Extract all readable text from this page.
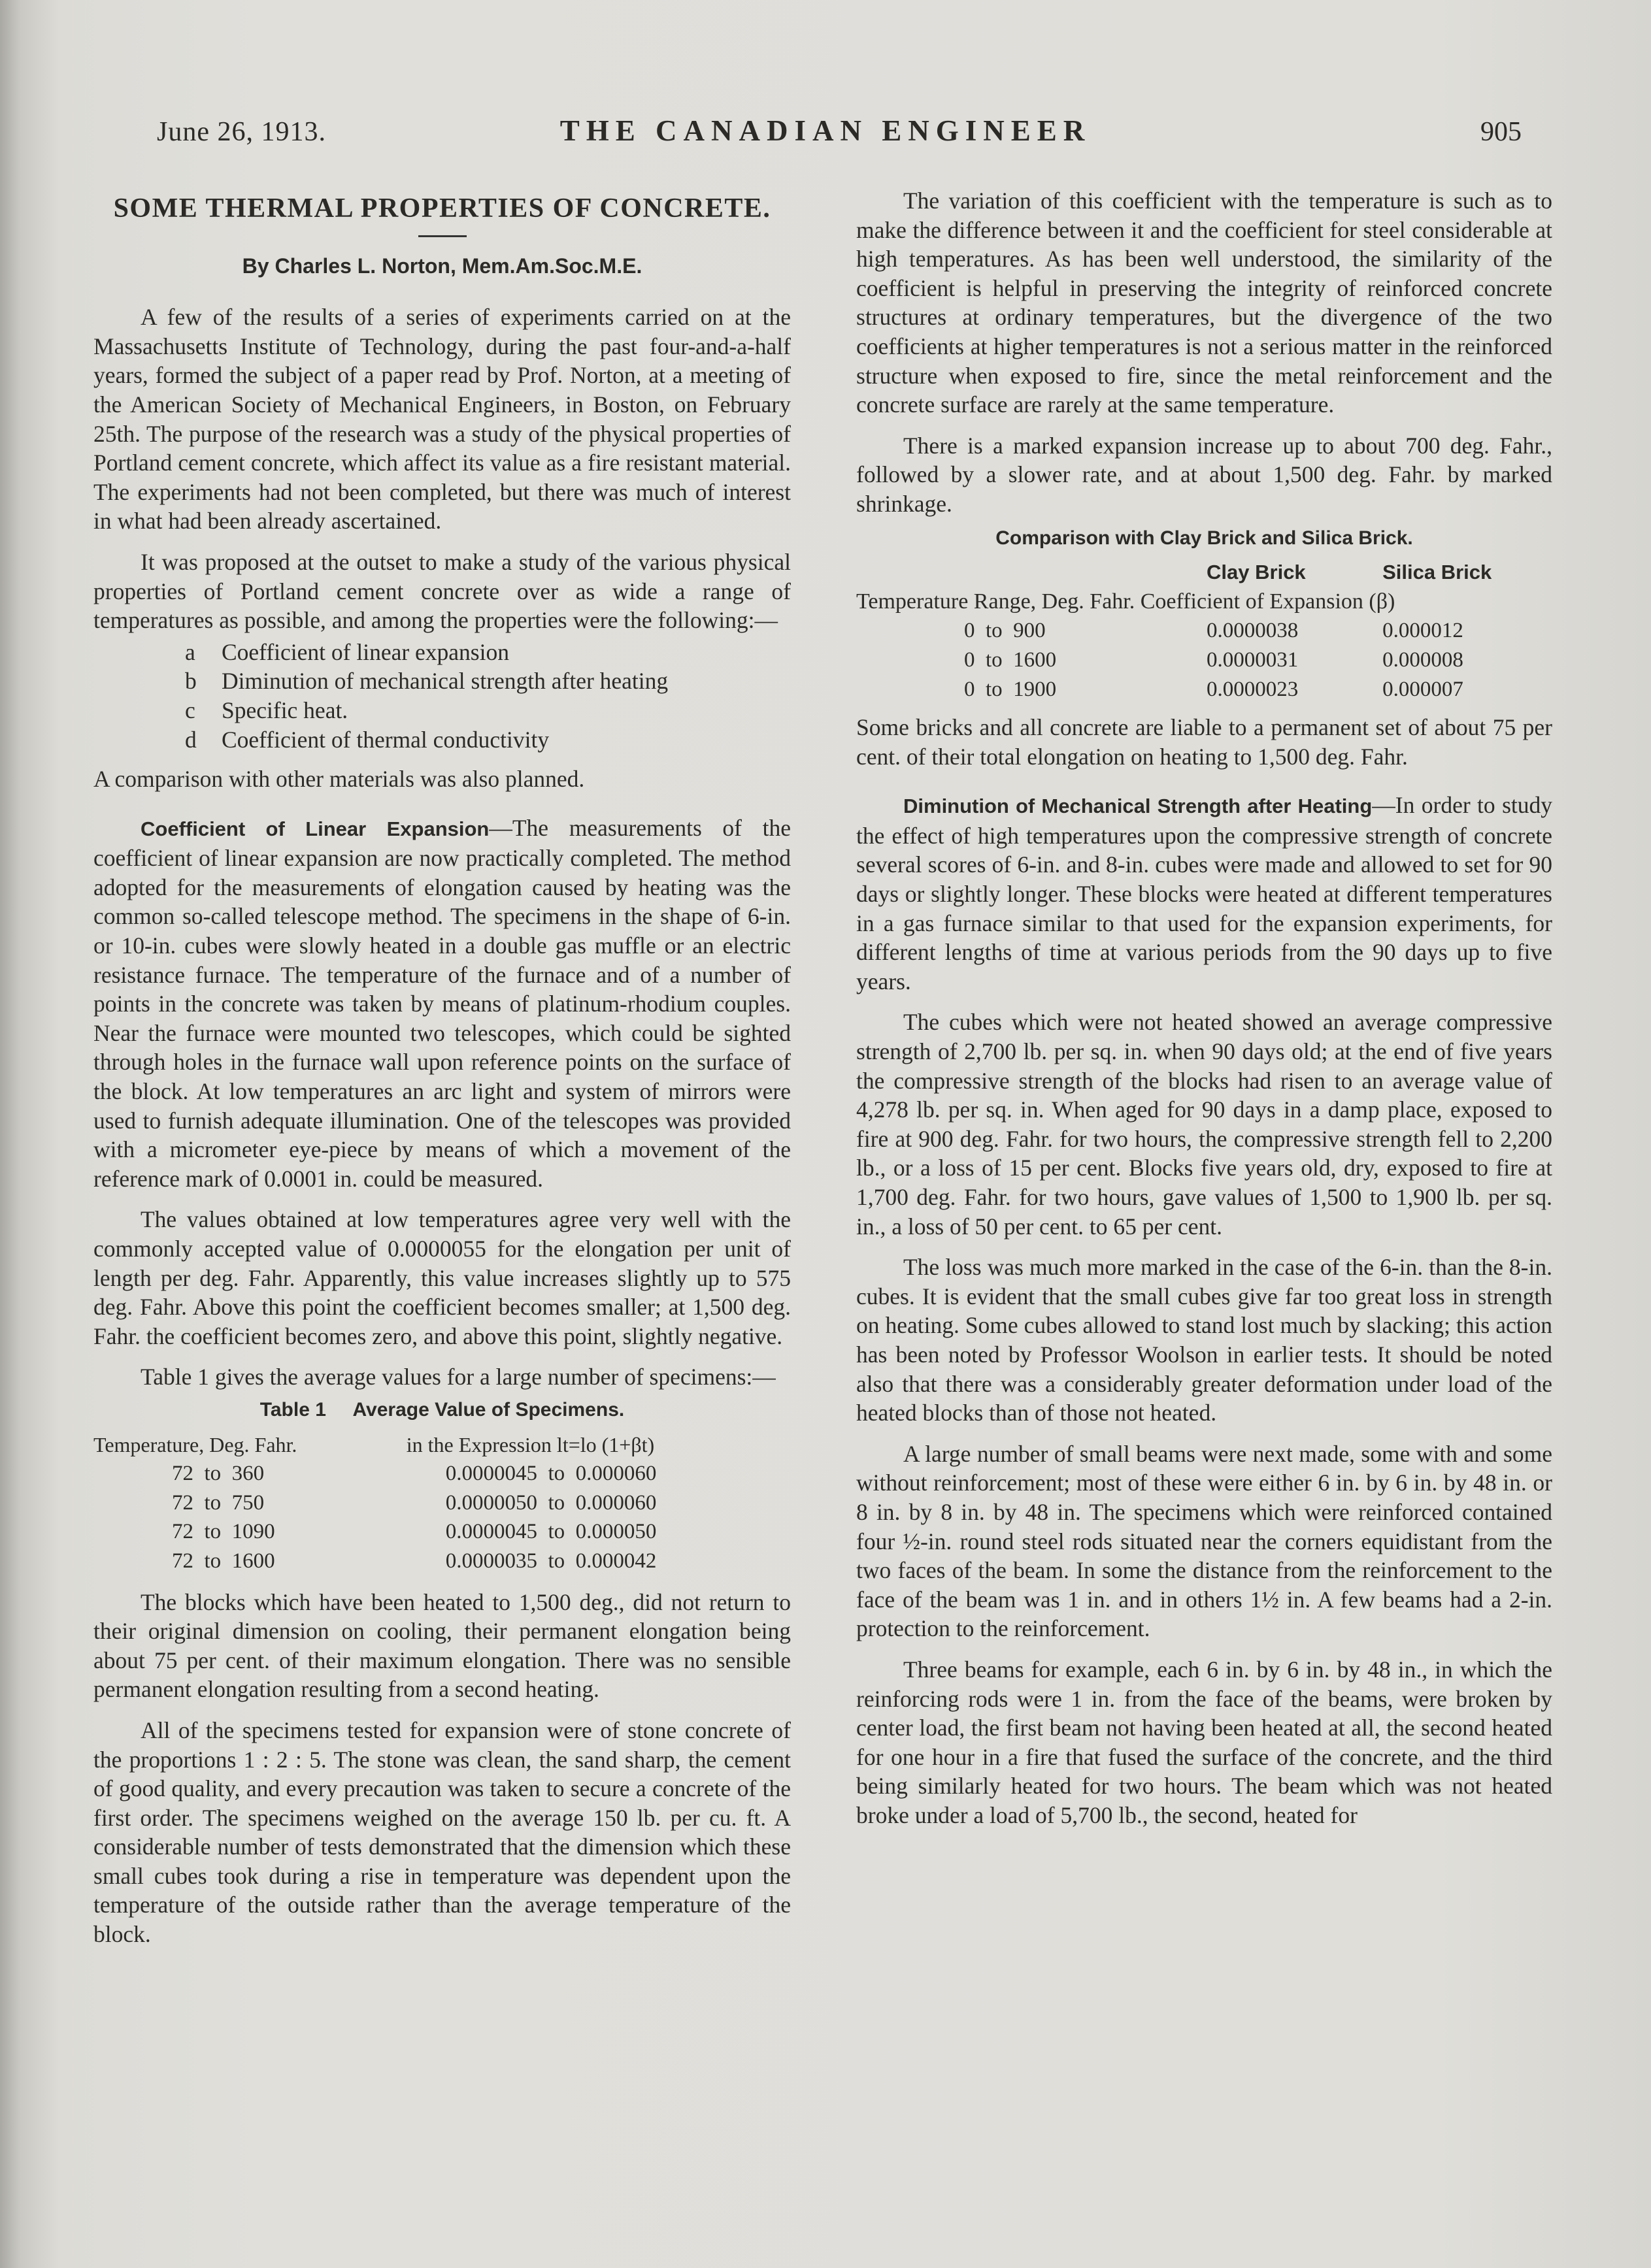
June 26, 1913.	THE CANADIAN ENGINEER	905
SOME THERMAL PROPERTIES OF CONCRETE.
By Charles L. Norton, Mem.Am.Soc.M.E.

A few of the results of a series of experiments carried on at the Massachusetts Institute of Technology, during the past four-and-a-half years, formed the subject of a paper read by Prof. Norton, at a meeting of the American Society of Mechanical Engineers, in Boston, on February 25th. The purpose of the research was a study of the physical properties of Portland cement concrete, which affect its value as a fire resistant material. The experiments had not been completed, but there was much of interest in what had been already ascertained.

It was proposed at the outset to make a study of the various physical properties of Portland cement concrete over as wide a range of temperatures as possible, and among the properties were the following:—

a Coefficient of linear expansion
b Diminution of mechanical strength after heating
c Specific heat.
d Coefficient of thermal conductivity

A comparison with other materials was also planned.

Coefficient of Linear Expansion—The measurements of the coefficient of linear expansion are now practically completed. The method adopted for the measurements of elongation caused by heating was the common so-called telescope method. The specimens in the shape of 6-in. or 10-in. cubes were slowly heated in a double gas muffle or an electric resistance furnace. The temperature of the furnace and of a number of points in the concrete was taken by means of platinum-rhodium couples. Near the furnace were mounted two telescopes, which could be sighted through holes in the furnace wall upon reference points on the surface of the block. At low temperatures an arc light and system of mirrors were used to furnish adequate illumination. One of the telescopes was provided with a micrometer eye-piece by means of which a movement of the reference mark of 0.0001 in. could be measured.

The values obtained at low temperatures agree very well with the commonly accepted value of 0.0000055 for the elongation per unit of length per deg. Fahr. Apparently, this value increases slightly up to 575 deg. Fahr. Above this point the coefficient becomes smaller; at 1,500 deg. Fahr. the coefficient becomes zero, and above this point, slightly negative.

Table 1 gives the average values for a large number of specimens:—

Table 1     Average Value of Specimens.
Temperature, Deg. Fahr.	in the Expression lt=lo (1+βt)
72  to  360	0.0000045  to  0.000060
72  to  750	0.0000050  to  0.000060
72  to  1090	0.0000045  to  0.000050
72  to  1600	0.0000035  to  0.000042

The blocks which have been heated to 1,500 deg., did not return to their original dimension on cooling, their permanent elongation being about 75 per cent. of their maximum elongation. There was no sensible permanent elongation resulting from a second heating.

All of the specimens tested for expansion were of stone concrete of the proportions 1 : 2 : 5. The stone was clean, the sand sharp, the cement of good quality, and every precaution was taken to secure a concrete of the first order. The specimens weighed on the average 150 lb. per cu. ft. A considerable number of tests demonstrated that the dimension which these small cubes took during a rise in temperature was dependent upon the temperature of the outside rather than the average temperature of the block.

The variation of this coefficient with the temperature is such as to make the difference between it and the coefficient for steel considerable at high temperatures. As has been well understood, the similarity of the coefficient is helpful in preserving the integrity of reinforced concrete structures at ordinary temperatures, but the divergence of the two coefficients at higher temperatures is not a serious matter in the reinforced structure when exposed to fire, since the metal reinforcement and the concrete surface are rarely at the same temperature.

There is a marked expansion increase up to about 700 deg. Fahr., followed by a slower rate, and at about 1,500 deg. Fahr. by marked shrinkage.

Comparison with Clay Brick and Silica Brick.
	Clay Brick	Silica Brick
Temperature Range, Deg. Fahr. Coefficient of Expansion (β)		
0  to  900	0.0000038	0.000012
0  to  1600	0.0000031	0.000008
0  to  1900	0.0000023	0.000007

Some bricks and all concrete are liable to a permanent set of about 75 per cent. of their total elongation on heating to 1,500 deg. Fahr.

Diminution of Mechanical Strength after Heating—In order to study the effect of high temperatures upon the compressive strength of concrete several scores of 6-in. and 8-in. cubes were made and allowed to set for 90 days or slightly longer. These blocks were heated at different temperatures in a gas furnace similar to that used for the expansion experiments, for different lengths of time at various periods from the 90 days up to five years.

The cubes which were not heated showed an average compressive strength of 2,700 lb. per sq. in. when 90 days old; at the end of five years the compressive strength of the blocks had risen to an average value of 4,278 lb. per sq. in. When aged for 90 days in a damp place, exposed to fire at 900 deg. Fahr. for two hours, the compressive strength fell to 2,200 lb., or a loss of 15 per cent. Blocks five years old, dry, exposed to fire at 1,700 deg. Fahr. for two hours, gave values of 1,500 to 1,900 lb. per sq. in., a loss of 50 per cent. to 65 per cent.

The loss was much more marked in the case of the 6-in. than the 8-in. cubes. It is evident that the small cubes give far too great loss in strength on heating. Some cubes allowed to stand lost much by slacking; this action has been noted by Professor Woolson in earlier tests. It should be noted also that there was a considerably greater deformation under load of the heated blocks than of those not heated.

A large number of small beams were next made, some with and some without reinforcement; most of these were either 6 in. by 6 in. by 48 in. or 8 in. by 8 in. by 48 in. The specimens which were reinforced contained four ½-in. round steel rods situated near the corners equidistant from the two faces of the beam. In some the distance from the reinforcement to the face of the beam was 1 in. and in others 1½ in. A few beams had a 2-in. protection to the reinforcement.

Three beams for example, each 6 in. by 6 in. by 48 in., in which the reinforcing rods were 1 in. from the face of the beams, were broken by center load, the first beam not having been heated at all, the second heated for one hour in a fire that fused the surface of the concrete, and the third being similarly heated for two hours. The beam which was not heated broke under a load of 5,700 lb., the second, heated for
